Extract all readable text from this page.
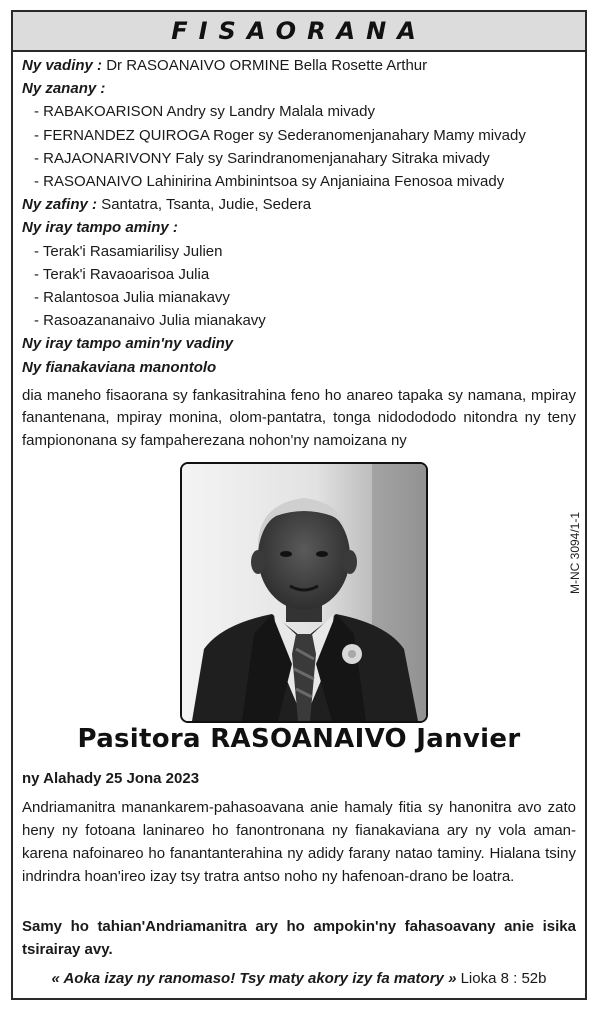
FISAORANA
Ny vadiny : Dr RASOANAIVO ORMINE Bella Rosette Arthur
Ny zanany :
- RABAKOARISON Andry sy Landry Malala mivady
- FERNANDEZ QUIROGA Roger sy Sederanomenjanahary Mamy mivady
- RAJAONARIVONY Faly sy Sarindranomenjanahary Sitraka mivady
- RASOANAIVO Lahinirina Ambinintsoa sy Anjaniaina Fenosoa mivady
Ny zafiny : Santatra, Tsanta, Judie, Sedera
Ny iray tampo aminy :
- Terak'i Rasamiarilisy Julien
- Terak'i Ravaoarisoa Julia
- Ralantosoa Julia mianakavy
- Rasoazananaivo Julia mianakavy
Ny iray tampo amin'ny vadiny
Ny fianakaviana manontolo
dia maneho fisaorana sy fankasitrahina feno ho anareo tapaka sy namana, mpiray fanantenana, mpiray monina, olom-pantatra, tonga nidodododo nitondra ny teny fampiononana sy fampaherezana nohon'ny namoizana ny
M-NC 3094/1-1
Pasitora RASOANAIVO Janvier
ny Alahady 25 Jona 2023
Andriamanitra manankarem-pahasoavana anie hamaly fitia sy hanonitra avo zato heny ny fotoana laninareo ho fanontronana ny fianakaviana ary ny vola aman-karena nafoinareo ho fanantanterahina ny adidy farany natao taminy. Hialana tsiny indrindra hoan'ireo izay tsy tratra antso noho ny hafenoan-drano be loatra.
Samy ho tahian'Andriamanitra ary ho ampokin'ny fahasoavany anie isika tsirairay avy.
« Aoka izay ny ranomaso! Tsy maty akory izy fa matory » Lioka 8 : 52b
